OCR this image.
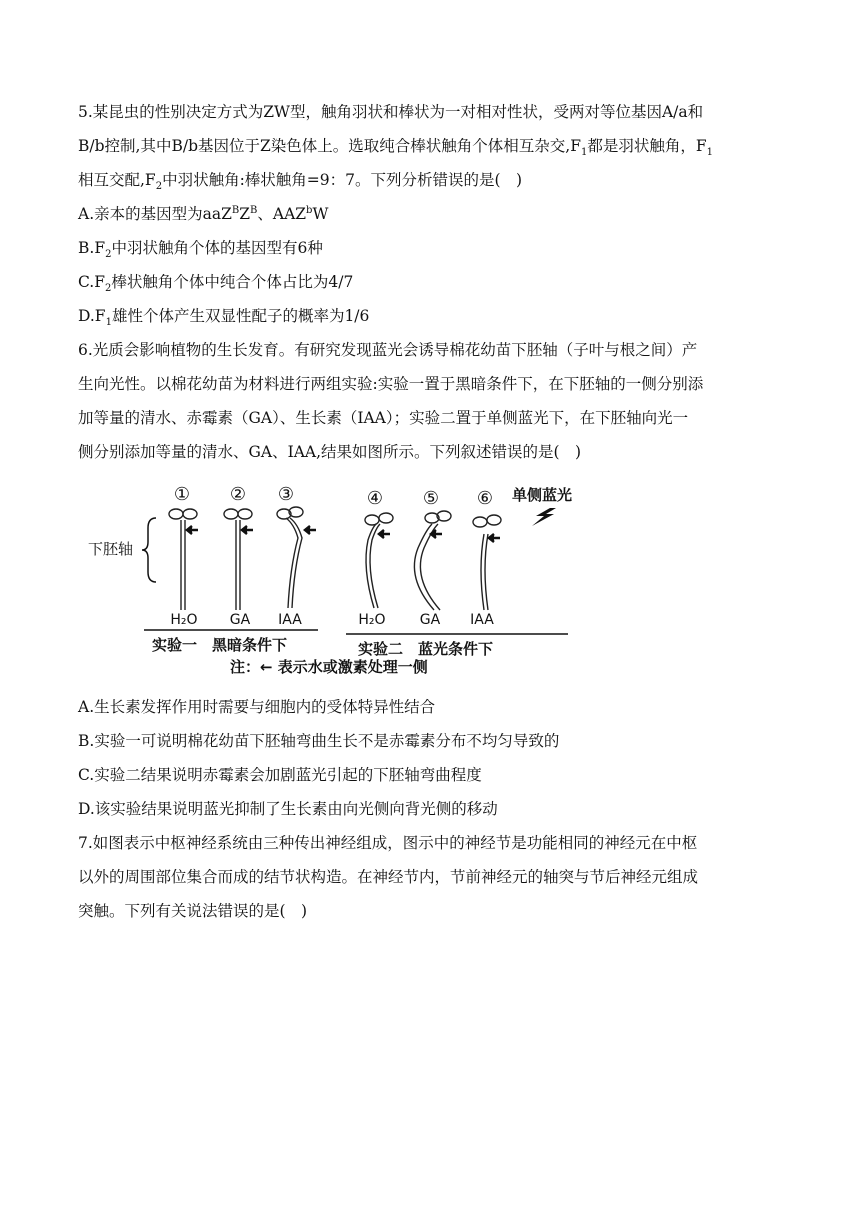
5.某昆虫的性别决定方式为ZW型，触角羽状和棒状为一对相对性状，受两对等位基因A/a和
B/b控制,其中B/b基因位于Z染色体上。选取纯合棒状触角个体相互杂交$,F_1$都是羽状触角，$F_1$
相互交配$,F_2$中羽状触角:棒状触角=9：7。下列分析错误的是(　)
A.亲本的基因型为$aaZ^BZ^B$、AAZ$^b$W
$B.F_2$中羽状触角个体的基因型有6种
$C.F_2$棒状触角个体中纯合个体占比为4/7
$D.F_1$雄性个体产生双显性配子的概率为1/6
6.光质会影响植物的生长发育。有研究发现蓝光会诱导棉花幼苗下胚轴（子叶与根之间）产
生向光性。以棉花幼苗为材料进行两组实验:实验一置于黑暗条件下，在下胚轴的一侧分别添
加等量的清水、赤霉素（GA）、生长素（IAA）；实验二置于单侧蓝光下，在下胚轴向光一
侧分别添加等量的清水、GA、IAA,结果如图所示。下列叙述错误的是(　)
① ② ③	④ ⑤ ⑥ 单侧蓝光
下胚轴
H₂O GA IAA	H₂O GA IAA
实验一　黑暗条件下	实验二　蓝光条件下
注：← 表示水或激素处理一侧
A.生长素发挥作用时需要与细胞内的受体特异性结合
B.实验一可说明棉花幼苗下胚轴弯曲生长不是赤霉素分布不均匀导致的
C.实验二结果说明赤霉素会加剧蓝光引起的下胚轴弯曲程度
D.该实验结果说明蓝光抑制了生长素由向光侧向背光侧的移动
7.如图表示中枢神经系统由三种传出神经组成，图示中的神经节是功能相同的神经元在中枢
以外的周围部位集合而成的结节状构造。在神经节内，节前神经元的轴突与节后神经元组成
突触。下列有关说法错误的是(　)
